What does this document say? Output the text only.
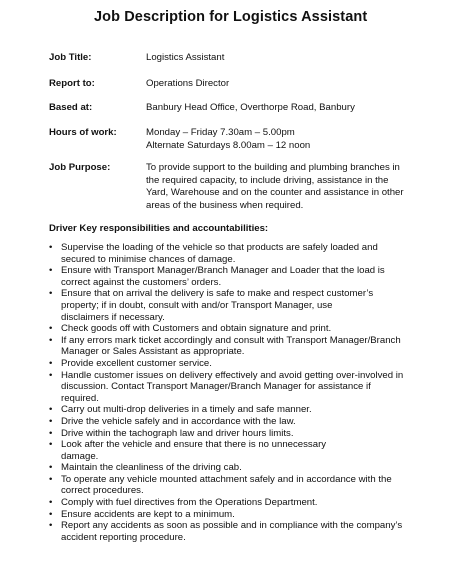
Job Description for Logistics Assistant
Job Title:	Logistics Assistant
Report to:	Operations Director
Based at:	Banbury Head Office, Overthorpe Road, Banbury
Hours of work:	Monday – Friday 7.30am – 5.00pm
Alternate Saturdays 8.00am – 12 noon
Job Purpose:	To provide support to the building and plumbing branches in
the required capacity, to include driving, assistance in the
Yard, Warehouse and on the counter and assistance in other
areas of the business when required.
Driver Key responsibilities and accountabilities:
• Supervise the loading of the vehicle so that products are safely loaded and
secured to minimise chances of damage.
• Ensure with Transport Manager/Branch Manager and Loader that the load is
correct against the customers’ orders.
• Ensure that on arrival the delivery is safe to make and respect customer’s
property; if in doubt, consult with and/or Transport Manager, use
disclaimers if necessary.
• Check goods off with Customers and obtain signature and print.
• If any errors mark ticket accordingly and consult with Transport Manager/Branch
Manager or Sales Assistant as appropriate.
• Provide excellent customer service.
• Handle customer issues on delivery effectively and avoid getting over-involved in
discussion. Contact Transport Manager/Branch Manager for assistance if
required.
• Carry out multi-drop deliveries in a timely and safe manner.
• Drive the vehicle safely and in accordance with the law.
• Drive within the tachograph law and driver hours limits.
• Look after the vehicle and ensure that there is no unnecessary
damage.
• Maintain the cleanliness of the driving cab.
• To operate any vehicle mounted attachment safely and in accordance with the
correct procedures.
• Comply with fuel directives from the Operations Department.
• Ensure accidents are kept to a minimum.
• Report any accidents as soon as possible and in compliance with the company’s
accident reporting procedure.
